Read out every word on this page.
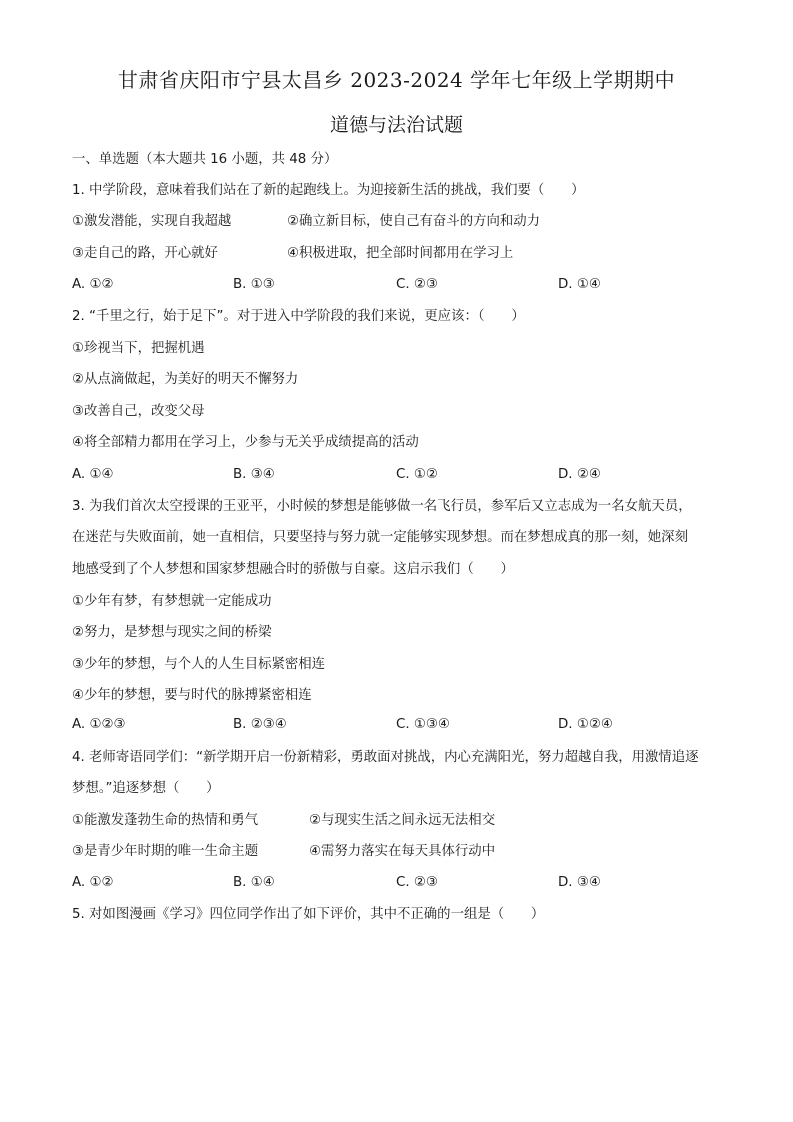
甘肃省庆阳市宁县太昌乡 2023-2024 学年七年级上学期期中
道德与法治试题
一、单选题（本大题共 16 小题，共 48 分）
1. 中学阶段，意味着我们站在了新的起跑线上。为迎接新生活的挑战，我们要（　　）
①激发潜能，实现自我超越	②确立新目标，使自己有奋斗的方向和动力
③走自己的路，开心就好	④积极进取，把全部时间都用在学习上
A. ①②	B. ①③	C. ②③	D. ①④
2. “千里之行，始于足下”。对于进入中学阶段的我们来说，更应该：（　　）
①珍视当下，把握机遇
②从点滴做起，为美好的明天不懈努力
③改善自己，改变父母
④将全部精力都用在学习上，少参与无关乎成绩提高的活动
A. ①④	B. ③④	C. ①②	D. ②④
3. 为我们首次太空授课的王亚平，小时候的梦想是能够做一名飞行员，参军后又立志成为一名女航天员，
在迷茫与失败面前，她一直相信，只要坚持与努力就一定能够实现梦想。而在梦想成真的那一刻，她深刻
地感受到了个人梦想和国家梦想融合时的骄傲与自豪。这启示我们（　　）
①少年有梦，有梦想就一定能成功
②努力，是梦想与现实之间的桥梁
③少年的梦想，与个人的人生目标紧密相连
④少年的梦想，要与时代的脉搏紧密相连
A. ①②③	B. ②③④	C. ①③④	D. ①②④
4. 老师寄语同学们：“新学期开启一份新精彩，勇敢面对挑战，内心充满阳光，努力超越自我，用激情追逐
梦想。”追逐梦想（　　）
①能激发蓬勃生命的热情和勇气	②与现实生活之间永远无法相交
③是青少年时期的唯一生命主题	④需努力落实在每天具体行动中
A. ①②	B. ①④	C. ②③	D. ③④
5. 对如图漫画《学习》四位同学作出了如下评价，其中不正确的一组是（　　）
